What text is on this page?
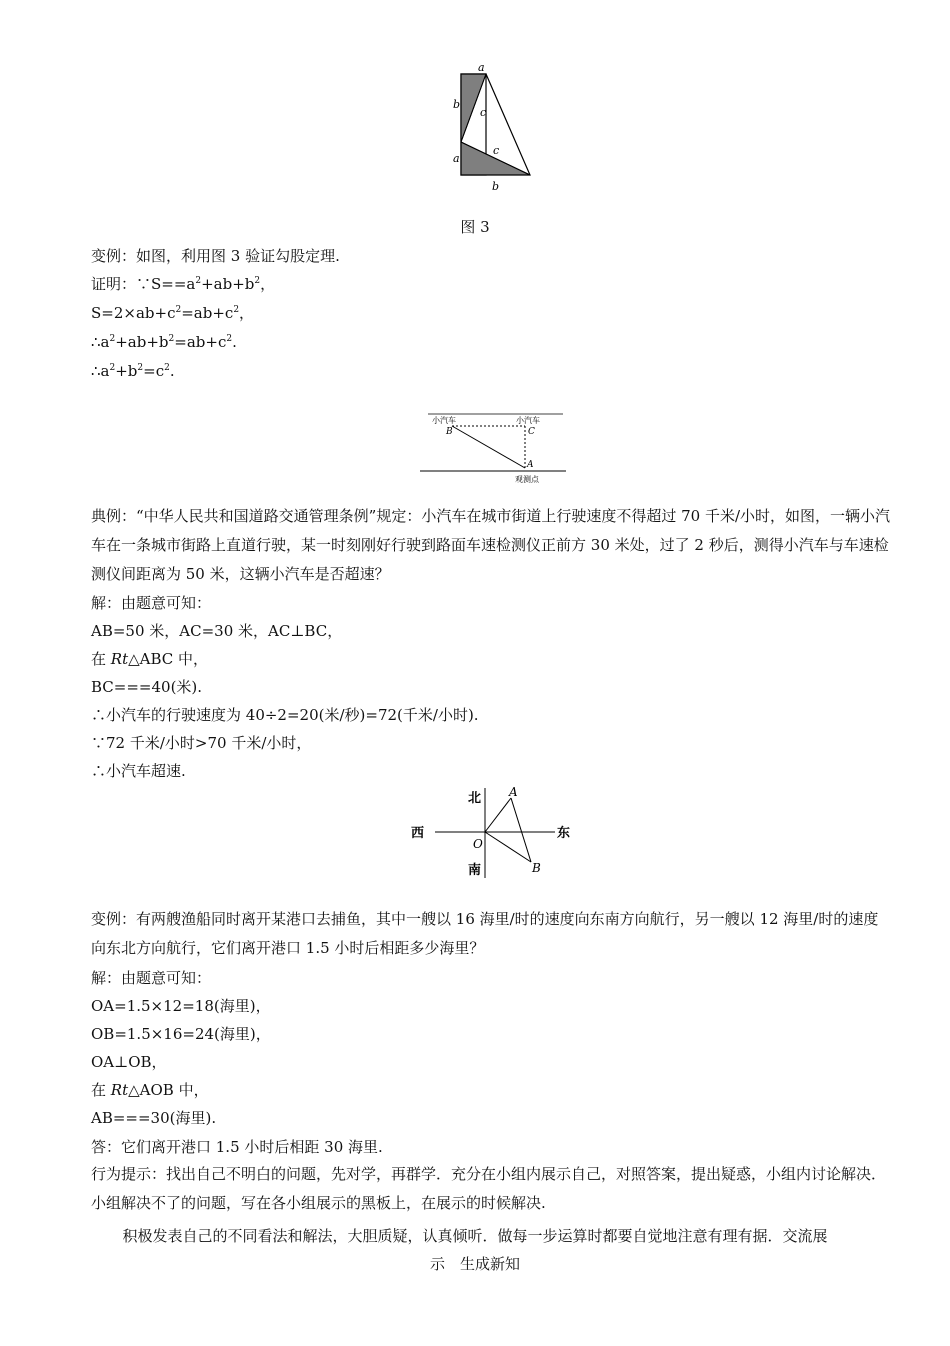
a
b
c
c
a
b
图 3
变例：如图，利用图 3 验证勾股定理.
证明：$\because S==a^2+ab+b^2$，
$S=2\times ab+c^2=ab+c^2$，
$\therefore a^2+ab+b^2=ab+c^2$.
$\therefore a^2+b^2=c^2$.
小汽车	小汽车
B	C
A
观测点
典例：“中华人民共和国道路交通管理条例”规定：小汽车在城市街道上行驶速度不得超过 70 千米/小时，如图，一辆小汽车在一条城市街路上直道行驶，某一时刻刚好行驶到路面车速检测仪正前方 30 米处，过了 2 秒后，测得小汽车与车速检测仪间距离为 50 米，这辆小汽车是否超速？
解：由题意可知：
AB=50 米，AC=30 米，AC⊥BC，
在 Rt△ABC 中，
BC===40(米).
∴小汽车的行驶速度为 40÷2=20(米/秒)=72(千米/小时).
∵72 千米/小时>70 千米/小时，
∴小汽车超速.
北
南
西	东
O
A
B
变例：有两艘渔船同时离开某港口去捕鱼，其中一艘以 16 海里/时的速度向东南方向航行，另一艘以 12 海里/时的速度向东北方向航行，它们离开港口 1.5 小时后相距多少海里？
解：由题意可知：
OA=1.5×12=18(海里)，
OB=1.5×16=24(海里)，
OA⊥OB，
在 Rt△AOB 中，
AB===30(海里).
答：它们离开港口 1.5 小时后相距 30 海里.
行为提示：找出自己不明白的问题，先对学，再群学．充分在小组内展示自己，对照答案，提出疑惑，小组内讨论解决．小组解决不了的问题，写在各小组展示的黑板上，在展示的时候解决.
积极发表自己的不同看法和解法，大胆质疑，认真倾听．做每一步运算时都要自觉地注意有理有据．交流展
示　生成新知
